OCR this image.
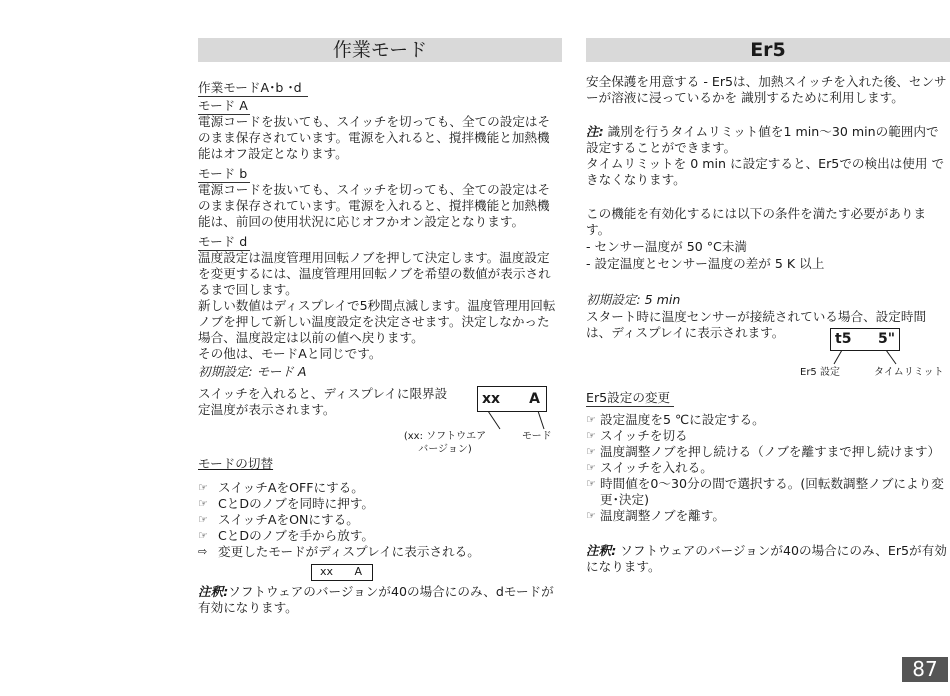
作業モード
作業モードA･b ･d
モード A

電源コードを抜いても、スイッチを切っても、全ての設定はそのまま保存されています。電源を入れると、撹拌機能と加熱機能はオフ設定となります。

モード b

電源コードを抜いても、スイッチを切っても、全ての設定はそのまま保存されています。電源を入れると、撹拌機能と加熱機能は、前回の使用状況に応じオフかオン設定となります。

モード d

温度設定は温度管理用回転ノブを押して決定します。温度設定を変更するには、温度管理用回転ノブを希望の数値が表示されるまで回します。

新しい数値はディスプレイで5秒間点滅します。温度管理用回転ノブを押して新しい温度設定を決定させます。決定しなかった場合、温度設定は以前の値へ戻ります。

その他は、モードAと同じです。

初期設定: モード A

スイッチを入れると、ディスプレイに限界設定温度が表示されます。

xx A
(xx: ソフトウエア バージョン)
モード
モードの切替
☞ スイッチAをOFFにする。
☞ CとDのノブを同時に押す。
☞ スイッチAをONにする。
☞ CとDのノブを手から放す。
⇨ 変更したモードがディスプレイに表示される。
xx A

注釈:ソフトウェアのバージョンが40の場合にのみ、dモードが有効になります。

Er5

安全保護を用意する - Er5は、加熱スイッチを入れた後、センサーが溶液に浸っているかを 識別するために利用します。

注: 識別を行うタイムリミット値を1 min～30 minの範囲内で設定することができます。

タイムリミットを 0 min に設定すると、Er5での検出は使用 できなくなります。

この機能を有効化するには以下の条件を満たす必要があります。

- センサー温度が 50 °C未満

- 設定温度とセンサー温度の差が 5 K 以上

初期設定: 5 min

スタート時に温度センサーが接続されている場合、設定時間は、ディスプレイに表示されます。	t5 5"
Er5 設定	タイムリミット
Er5設定の変更
☞ 設定温度を5 ℃に設定する。
☞ スイッチを切る
☞ 温度調整ノブを押し続ける（ノブを離すまで押し続けます）
☞ スイッチを入れる。
☞ 時間値を0～30分の間で選択する。(回転数調整ノブにより変更･決定)
☞ 温度調整ノブを離す。

注釈: ソフトウェアのバージョンが40の場合にのみ、Er5が有効になります。

87
